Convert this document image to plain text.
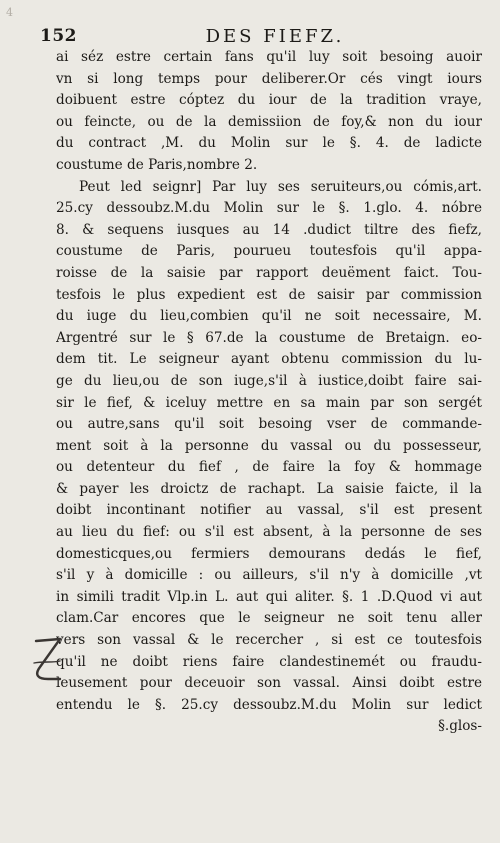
4
152	DES FIEFZ.
ai séz estre certain fans qu'il luy soit besoing auoir
vn si long temps pour deliberer.Or cés vingt iours
doibuent estre cóptez du iour de la tradition vraye,
ou feincte, ou de la demissiion de foy,& non du iour
du contract ,M. du Molin sur le §. 4. de ladicte
coustume de Paris,nombre 2.
Peut led seignr] Par luy ses seruiteurs,ou cómis,art.
25.cy dessoubz.M.du Molin sur le §. 1.glo. 4. nóbre
8. & sequens iusques au 14 .dudict tiltre des fiefz,
coustume de Paris, pourueu toutesfois qu'il appa-
roisse de la saisie par rapport deuëment faict. Tou-
tesfois le plus expedient est de saisir par commission
du iuge du lieu,combien qu'il ne soit necessaire, M.
Argentré sur le § 67.de la coustume de Bretaign. eo-
dem tit. Le seigneur ayant obtenu commission du lu-
ge du lieu,ou de son iuge,s'il à iustice,doibt faire sai-
sir le fief, & iceluy mettre en sa main par son sergét
ou autre,sans qu'il soit besoing vser de commande-
ment soit à la personne du vassal ou du possesseur,
ou detenteur du fief , de faire la foy & hommage
& payer les droictz de rachapt. La saisie faicte, il la
doibt incontinant notifier au vassal, s'il est present
au lieu du fief: ou s'il est absent, à la personne de ses
domesticques,ou fermiers demourans dedás le fief,
s'il y à domicille : ou ailleurs, s'il n'y à domicille ,vt
in simili tradit Vlp.in L. aut qui aliter. §. 1 .D.Quod vi aut
clam.Car encores que le seigneur ne soit tenu aller
vers son vassal & le recercher , si est ce toutesfois
qu'il ne doibt riens faire clandestinemét ou fraudu-
leusement pour deceuoir son vassal. Ainsi doibt estre
entendu le §. 25.cy dessoubz.M.du Molin sur ledict
§.glos-
